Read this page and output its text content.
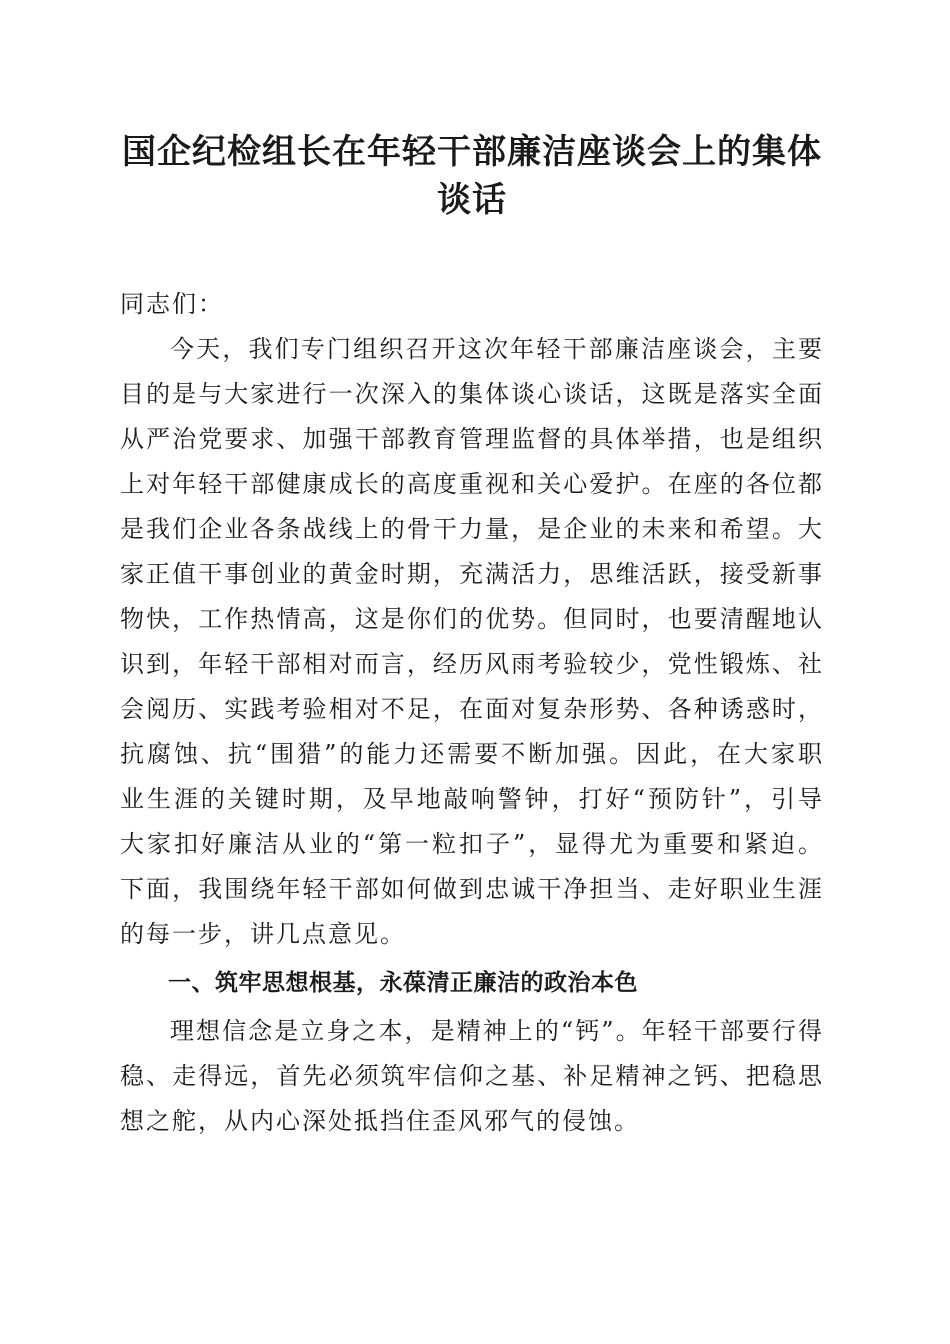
国企纪检组长在年轻干部廉洁座谈会上的集体
谈话

同志们：

今天，我们专门组织召开这次年轻干部廉洁座谈会，主要目的是与大家进行一次深入的集体谈心谈话，这既是落实全面从严治党要求、加强干部教育管理监督的具体举措，也是组织上对年轻干部健康成长的高度重视和关心爱护。在座的各位都是我们企业各条战线上的骨干力量，是企业的未来和希望。大家正值干事创业的黄金时期，充满活力，思维活跃，接受新事物快，工作热情高，这是你们的优势。但同时，也要清醒地认识到，年轻干部相对而言，经历风雨考验较少，党性锻炼、社会阅历、实践考验相对不足，在面对复杂形势、各种诱惑时，抗腐蚀、抗“围猎”的能力还需要不断加强。因此，在大家职业生涯的关键时期，及早地敲响警钟，打好“预防针”，引导大家扣好廉洁从业的“第一粒扣子”，显得尤为重要和紧迫。下面，我围绕年轻干部如何做到忠诚干净担当、走好职业生涯的每一步，讲几点意见。

一、筑牢思想根基，永葆清正廉洁的政治本色

理想信念是立身之本，是精神上的“钙”。年轻干部要行得稳、走得远，首先必须筑牢信仰之基、补足精神之钙、把稳思想之舵，从内心深处抵挡住歪风邪气的侵蚀。
